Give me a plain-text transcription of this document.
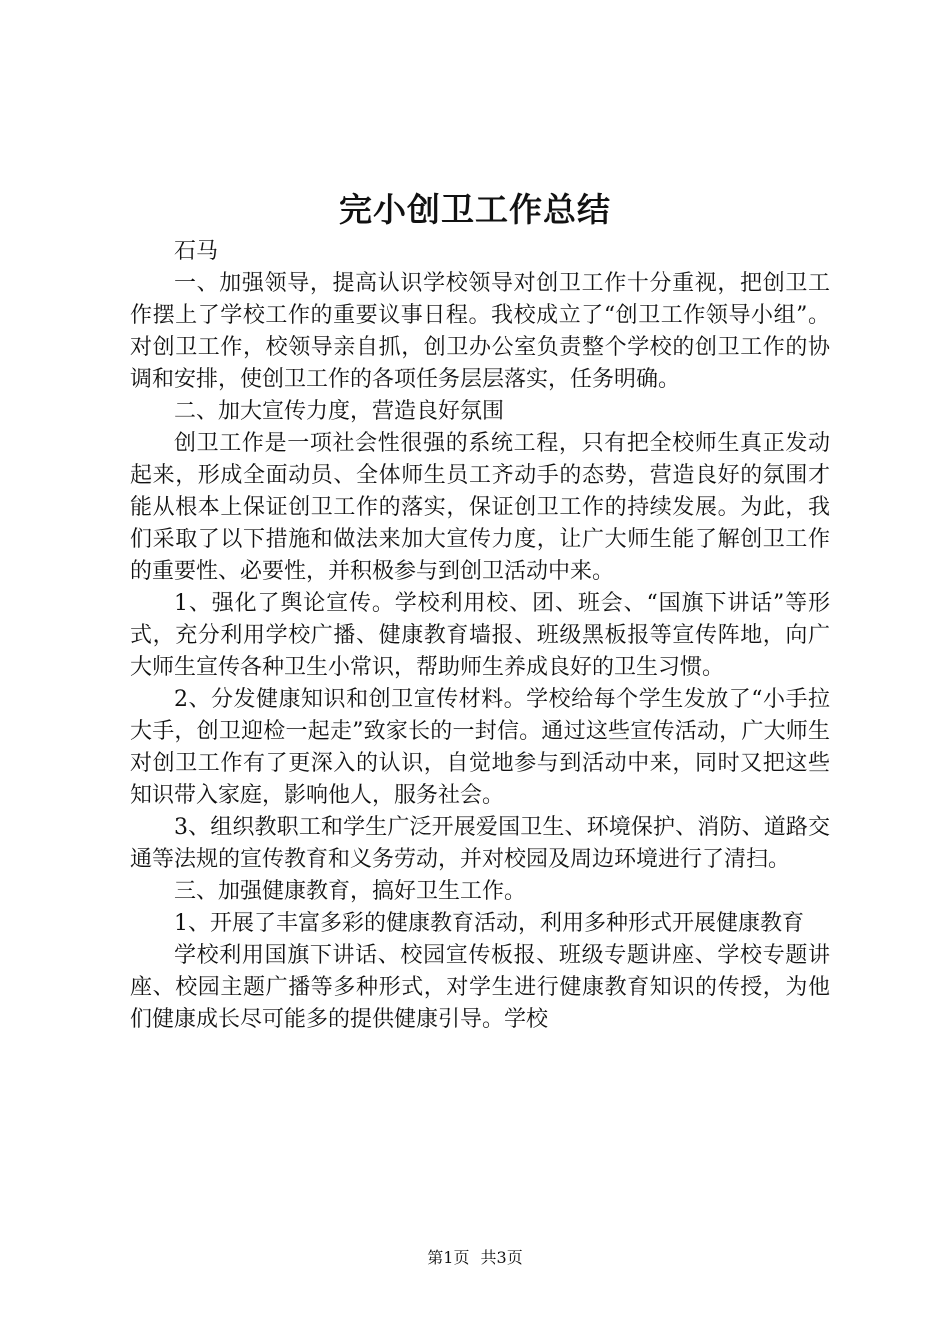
完小创卫工作总结

石马

一、加强领导，提高认识学校领导对创卫工作十分重视，把创卫工作摆上了学校工作的重要议事日程。我校成立了“创卫工作领导小组”。对创卫工作，校领导亲自抓，创卫办公室负责整个学校的创卫工作的协调和安排，使创卫工作的各项任务层层落实，任务明确。

二、加大宣传力度，营造良好氛围

创卫工作是一项社会性很强的系统工程，只有把全校师生真正发动起来，形成全面动员、全体师生员工齐动手的态势，营造良好的氛围才能从根本上保证创卫工作的落实，保证创卫工作的持续发展。为此，我们采取了以下措施和做法来加大宣传力度，让广大师生能了解创卫工作的重要性、必要性，并积极参与到创卫活动中来。

1、强化了舆论宣传。学校利用校、团、班会、“国旗下讲话”等形式，充分利用学校广播、健康教育墙报、班级黑板报等宣传阵地，向广大师生宣传各种卫生小常识，帮助师生养成良好的卫生习惯。

2、分发健康知识和创卫宣传材料。学校给每个学生发放了“小手拉大手，创卫迎检一起走”致家长的一封信。通过这些宣传活动，广大师生对创卫工作有了更深入的认识，自觉地参与到活动中来，同时又把这些知识带入家庭，影响他人，服务社会。

3、组织教职工和学生广泛开展爱国卫生、环境保护、消防、道路交通等法规的宣传教育和义务劳动，并对校园及周边环境进行了清扫。

三、加强健康教育，搞好卫生工作。

1、开展了丰富多彩的健康教育活动，利用多种形式开展健康教育

学校利用国旗下讲话、校园宣传板报、班级专题讲座、学校专题讲座、校园主题广播等多种形式，对学生进行健康教育知识的传授，为他们健康成长尽可能多的提供健康引导。学校

第1页 共3页
